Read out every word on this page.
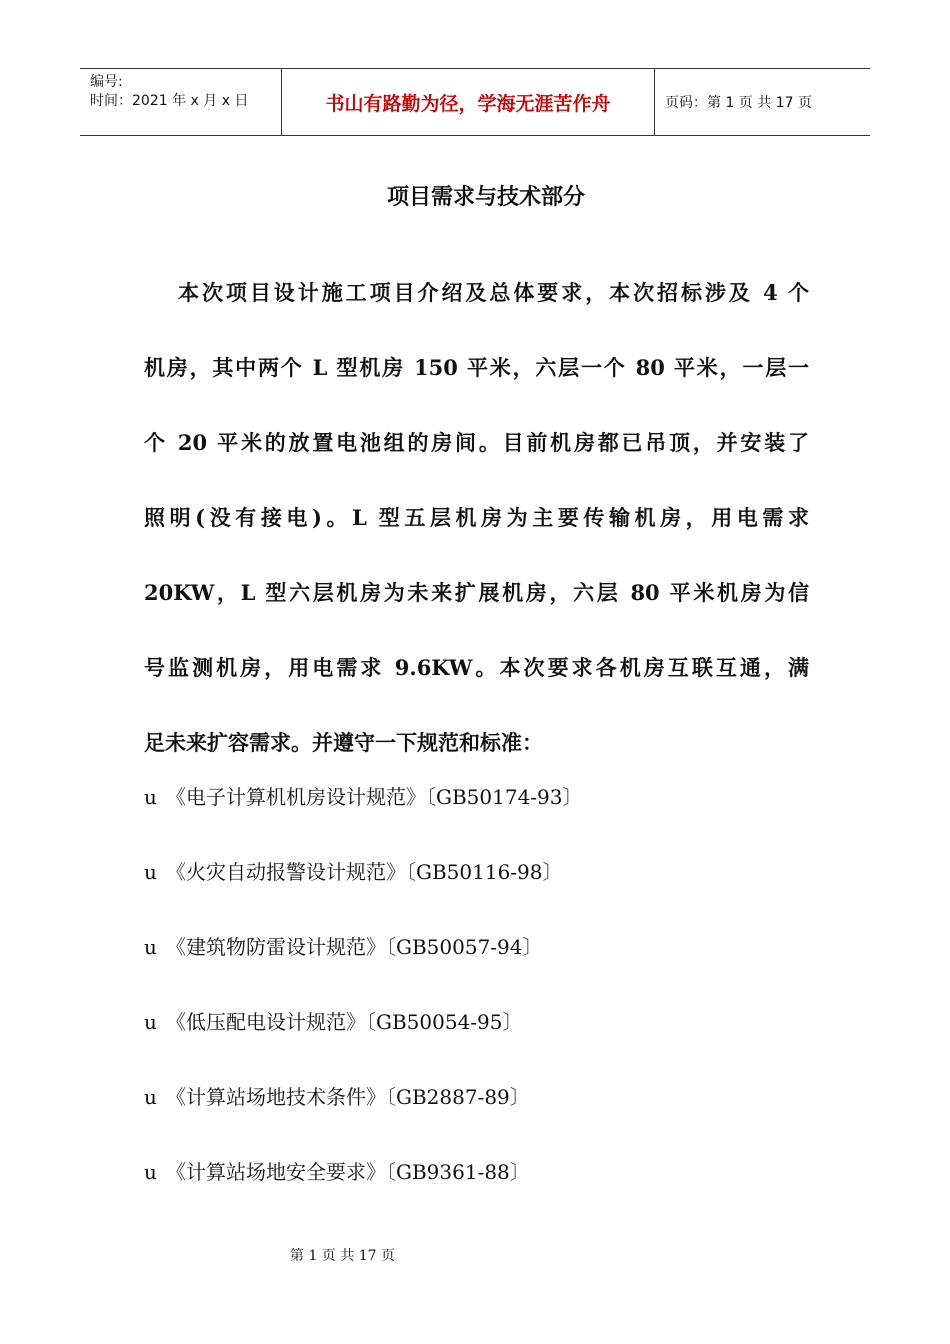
编号:
时间：2021 年 x 月 x 日	书山有路勤为径，学海无涯苦作舟	页码：第 1 页 共 17 页
项目需求与技术部分
本次项目设计施工项目介绍及总体要求，本次招标涉及 4 个
机房，其中两个 L 型机房 150 平米，六层一个 80 平米，一层一
个 20 平米的放置电池组的房间。目前机房都已吊顶，并安装了
照明(没有接电)。L 型五层机房为主要传输机房，用电需求
20KW，L 型六层机房为未来扩展机房，六层 80 平米机房为信
号监测机房，用电需求 9.6KW。本次要求各机房互联互通，满
足未来扩容需求。并遵守一下规范和标准：
u 《电子计算机机房设计规范》〔GB50174-93〕
u 《火灾自动报警设计规范》〔GB50116-98〕
u 《建筑物防雷设计规范》〔GB50057-94〕
u 《低压配电设计规范》〔GB50054-95〕
u 《计算站场地技术条件》〔GB2887-89〕
u 《计算站场地安全要求》〔GB9361-88〕
第 1 页 共 17 页
